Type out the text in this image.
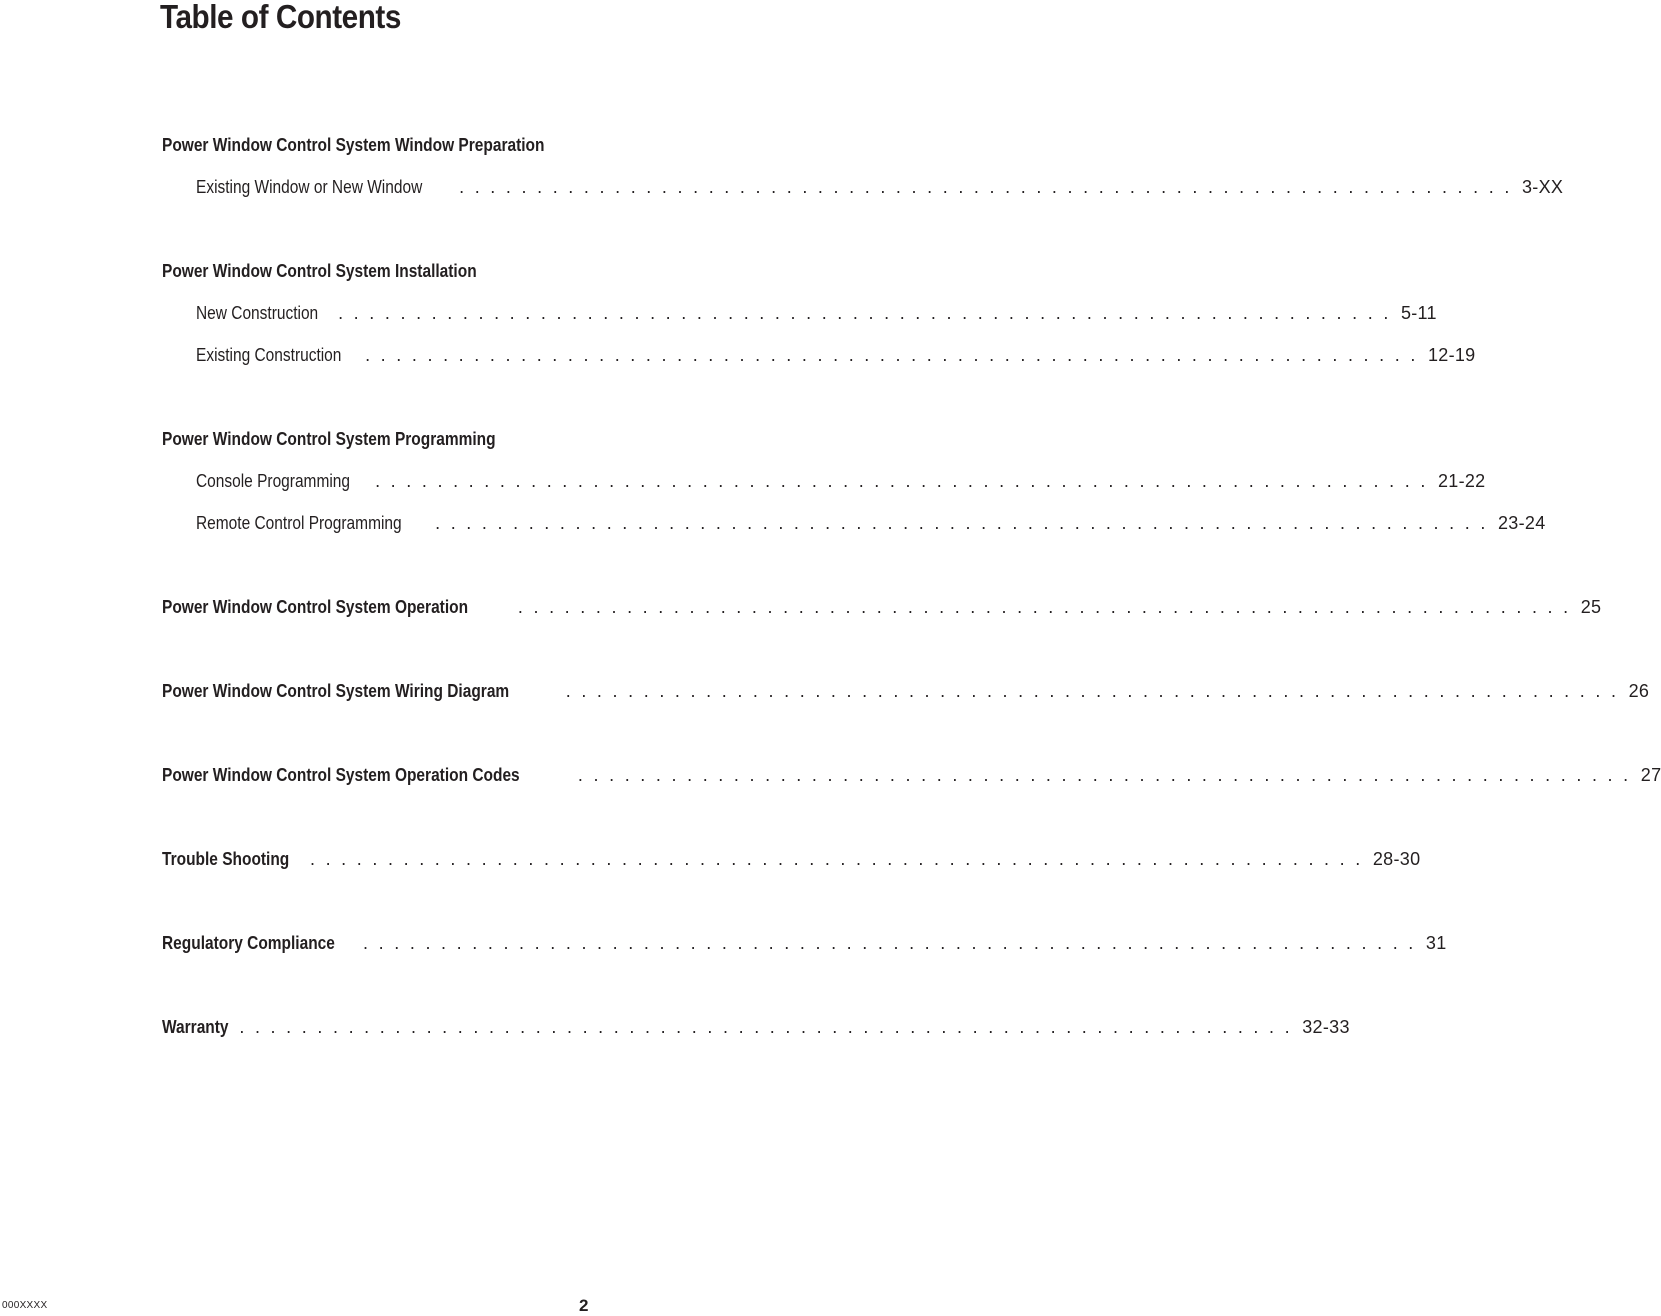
Table of Contents
Power Window Control System Window Preparation
Existing Window or New Window .................................................................... 3-XX
Power Window Control System Installation
New Construction .................................................................... 5-11
Existing Construction .................................................................... 12-19
Power Window Control System Programming
Console Programming .................................................................... 21-22
Remote Control Programming .................................................................... 23-24
Power Window Control System Operation	.................................................................... 25
Power Window Control System Wiring Diagram	.................................................................... 26
Power Window Control System Operation Codes	.................................................................... 27
Trouble Shooting .................................................................... 28-30
Regulatory Compliance .................................................................... 31
Warranty .................................................................... 32-33
000XXXX	2
